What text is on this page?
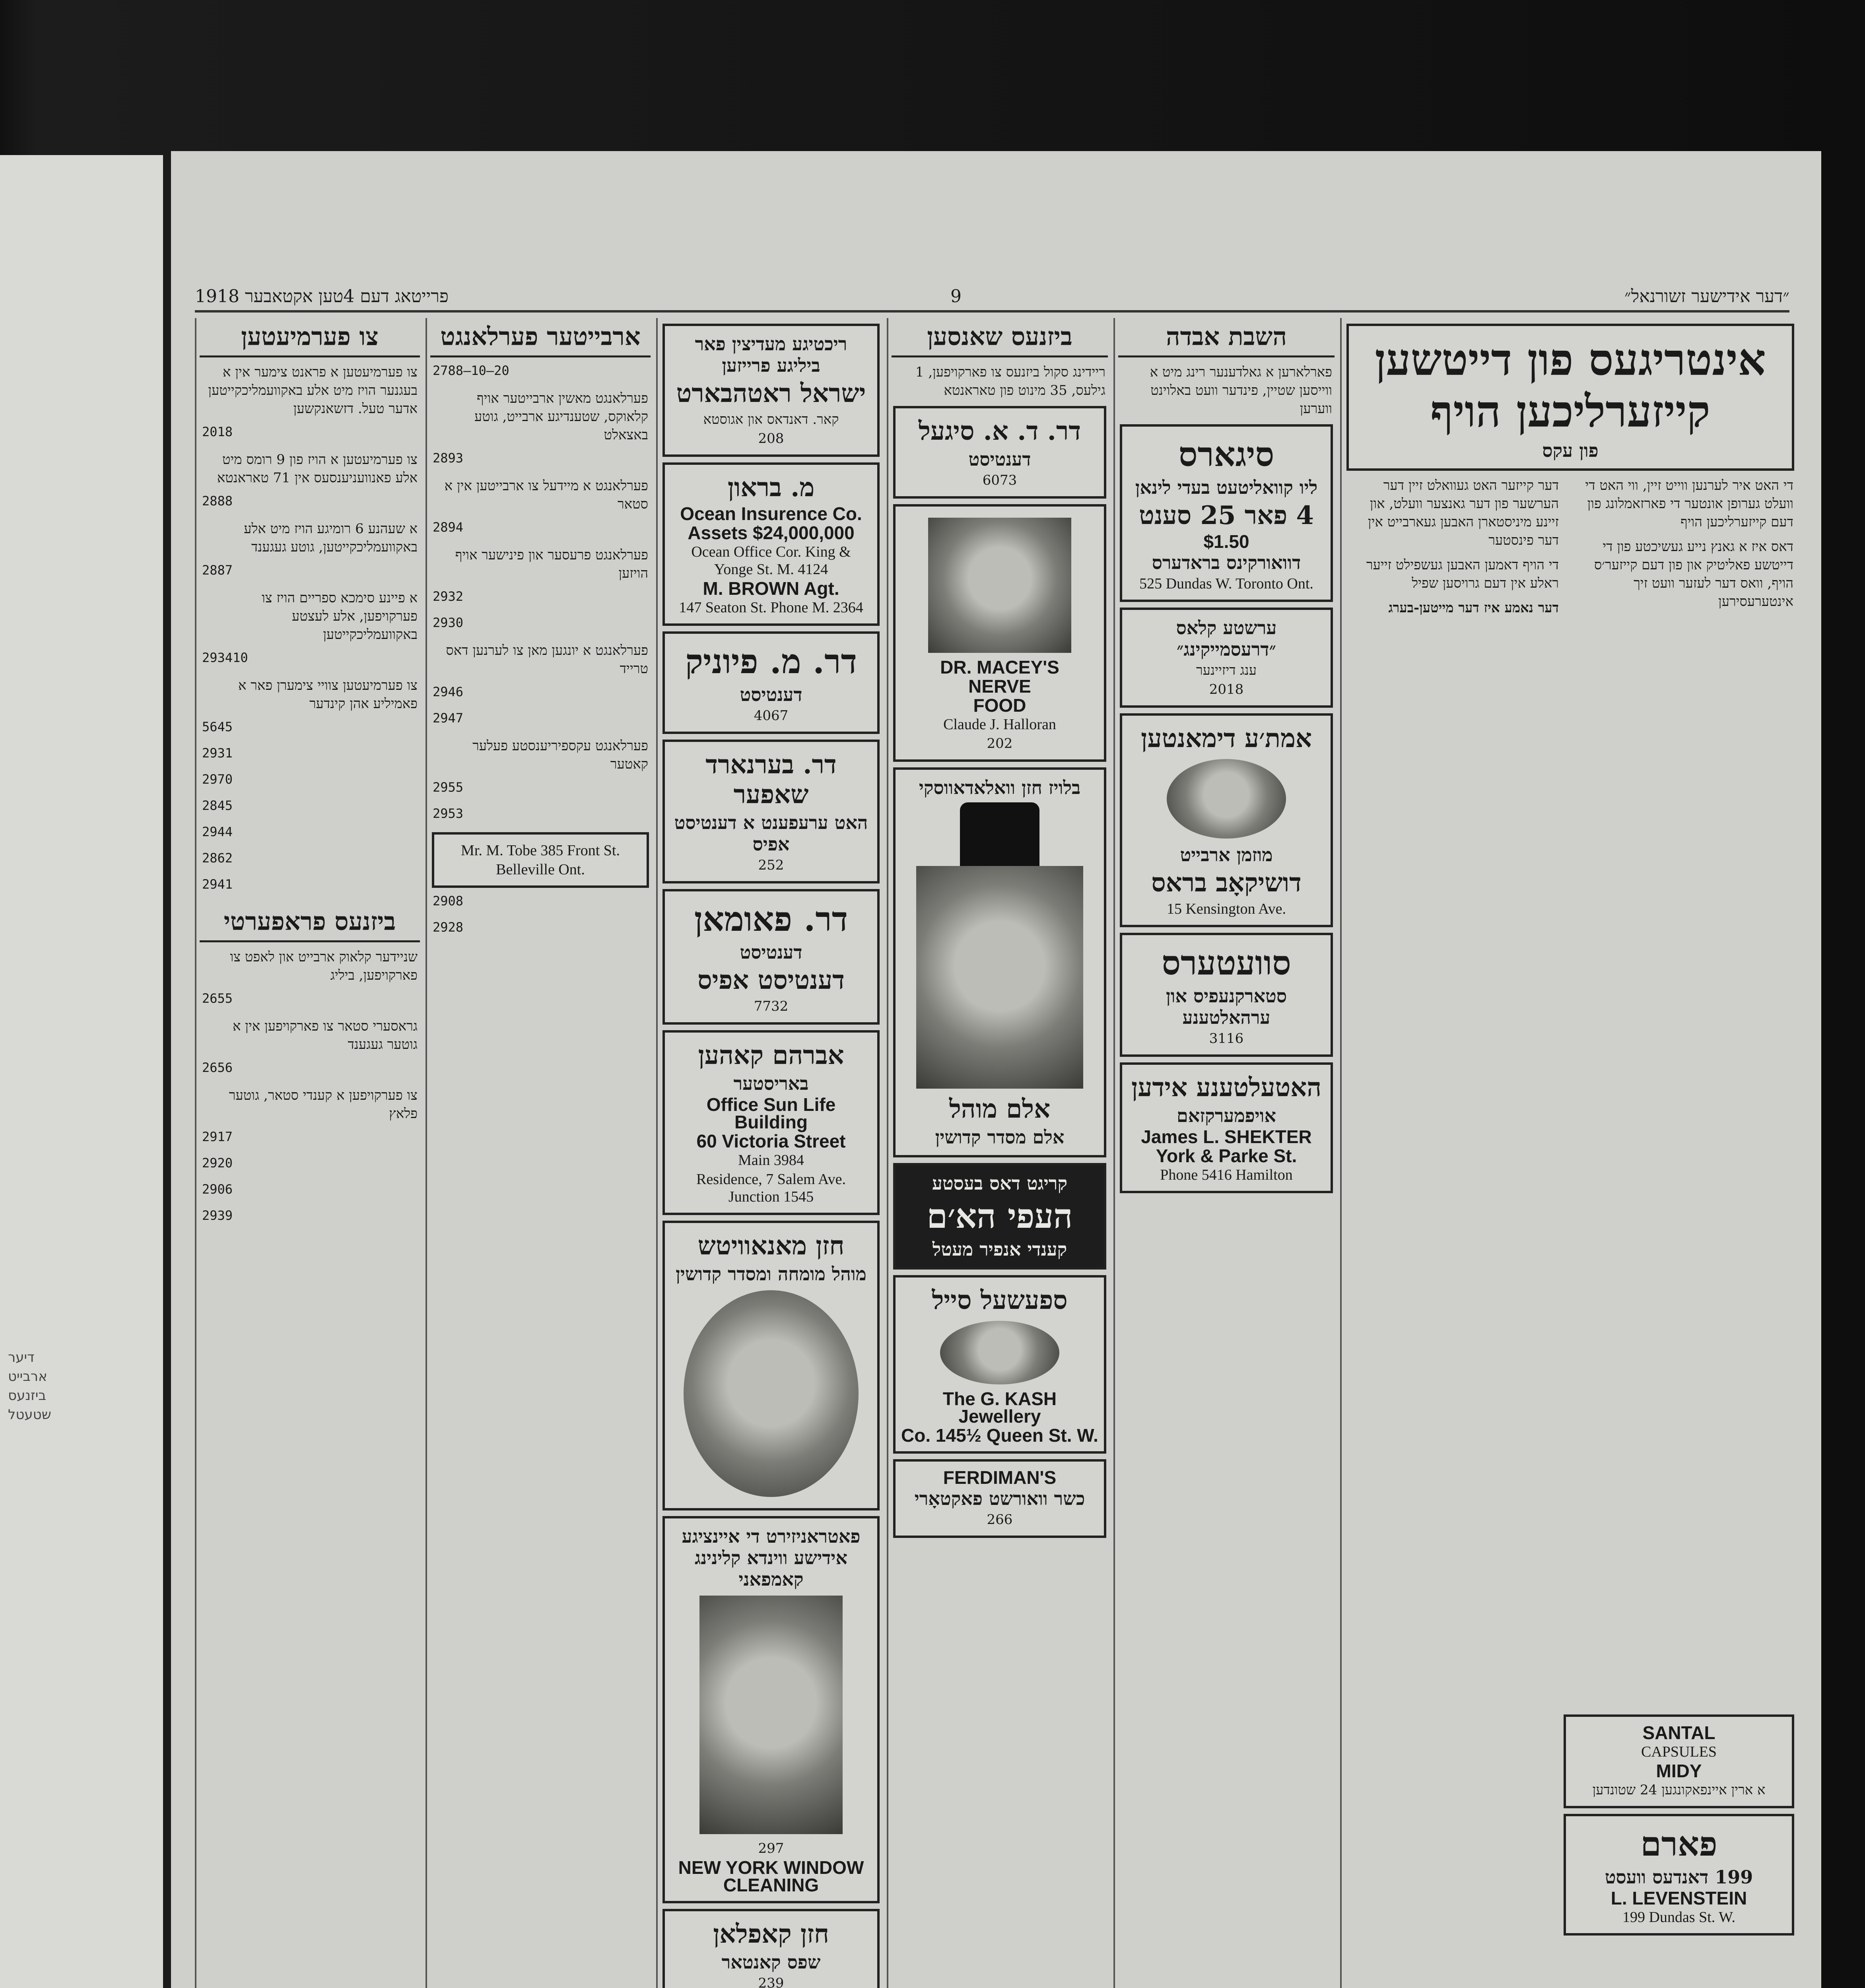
דיער
ארבייט
ביזנעס
שטעטל
פרייטאג דעם 4טען אקטאבער 1918	9	״דער אידישער זשורנאל״
צו פערמיעטען
צו פערמיעטען א פראנט צימער אין א בעגנער הויז מיט אלע באקוועמליכקייטען אדער טעל. דזשאנקשען
2018
צו פערמיעטען א הויז פון 9 רומס מיט אלע פאנוועניענסעס אין 71 טאראנטא
2888
א שעהנע 6 רומיגע הויז מיט אלע באקוועמליכקייטען, גוטע געגענד
2887
א פיינע סימכא ספריים הויז צו פערקויפען, אלע לעצטע באקוועמליכקייטען
293410
צו פערמיעטען צוויי צימערן פאר א פאמיליע אהן קינדער
5645
2931
2970
2845
2944
2862
2941
ביזנעס פראפערטי
שניידער קלאוק ארבייט און לאפט צו פארקויפען, ביליג
2655
גראסערי סטאר צו פארקויפען אין א גוטער געגענד
2656
צו פערקויפען א קענדי סטאר, גוטער פלאץ
2917
2920
2906
2939
ארבייטער פערלאנגט
2788—10—20
פערלאנגט מאשין ארבייטער אויף קלאוקס, שטענדיגע ארבייט, גוטע באצאלט
2893
פערלאנגט א מיידעל צו ארבייטען אין א סטאר
2894
פערלאנגט פרעסער און פינישער אויף הויזען
2932
2930
פערלאנגט א יונגען מאן צו לערנען דאס טרייד
2946
2947
פערלאנגט עקספיריענסטע פעלער קאטער
2955
2953

Mr. M. Tobe 385 Front St.

Belleville Ont.

2908
2928
ריכטיגע מעדיצין פאר ביליגע פרייזען
ישראל ראטהבארט

קאר. דאנדאס און אגוסטא

208

מ. בראון

Ocean Insurence Co.

Assets $24,000,000

Ocean Office Cor. King & Yonge St. M. 4124

M. BROWN Agt.

147 Seaton St. Phone M. 2364

דר. מ. פיוניק
דענטיסט

4067

דר. בערנארד שאפער
האט ערעפענט א דענטיסט אפיס

252

דר. פאומאן
דענטיסט
דענטיסט אפיס

7732

אברהם קאהען
באריסטער

Office Sun Life Building

60 Victoria Street

Main 3984

Residence, 7 Salem Ave. Junction 1545

חזן מאנאוויטש
מוהל מומחה ומסדר קדושין
פאטראניזירט די איינציגע אידישע ווינדא קלינינג קאמפאני

297

NEW YORK WINDOW CLEANING

חזן קאפלאן
שפס קאנטאר

239

ביזנעס שאנסען
ריידינג סקול ביזנעס צו פארקויפען, 1 גילעס, 35 מינוט פון טאראנטא
דר. ד. א. סיגעל
דענטיסט

6073

DR. MACEY'S

NERVE

FOOD

Claude J. Halloran

202

בלויז חזן וואלאדאווסקי
אלם מוהל
אלם מסדר קדושין
קריגט דאס בעסטע
העפי הא׳ם
קענדי אנפיר מעטל
ספעשעל סייל

The G. KASH Jewellery

Co. 145½ Queen St. W.

FERDIMAN'S

כשר וואורשט פאקטאָרי

266

השבת אבדה
פארלארען א גאלדענער רינג מיט א ווייסען שטיין, פינדער וועט באלוינט ווערען
סיגארס
ליו קוואליטעט בעדי לינאן
4 פאר 25 סענט

$1.50

דוואורקינס בראדערס

525 Dundas W. Toronto Ont.

ערשטע קלאס ״דרעסמייקינג״

ענג דיזיינער

2018

אמת׳ע דימאנטען
מוזמן ארבייט
דושיקאָב בראס

15 Kensington Ave.

סוועטערס
סטארקנעפיס און ערהאלטענע

3116

האטעלטענע אידען
אויפמערקזאם

James L. SHEKTER

York & Parke St.

Phone 5416 Hamilton

אינטריגעס פון דייטשען קייזערליכען הויף
פון עקס
די האט איר לערנען ווייט זיין, ווי האט די וועלט גערופן אונטער די פארזאמלונג פון דעם קייזערליכען הויף
דאס איז א גאנץ נייע געשיכטע פון די דייטשע פאליטיק און פון דעם קייזער׳ס הויף, וואס דער לעזער וועט זיך אינטערעסירען
דער קייזער האט געוואלט זיין דער הערשער פון דער גאנצער וועלט, און זיינע מיניסטארן האבען געארבייט אין דער פינסטער
די הויף דאמען האבען געשפילט זייער ראלע אין דעם גרויסען שפיל
דער נאמע איז דער מייטען-בערג

SANTAL

CAPSULES

MIDY

א ארין איינפאקונגען 24 שטונדען

פארם
199 דאנדעס וועסט

L. LEVENSTEIN

199 Dundas St. W.
